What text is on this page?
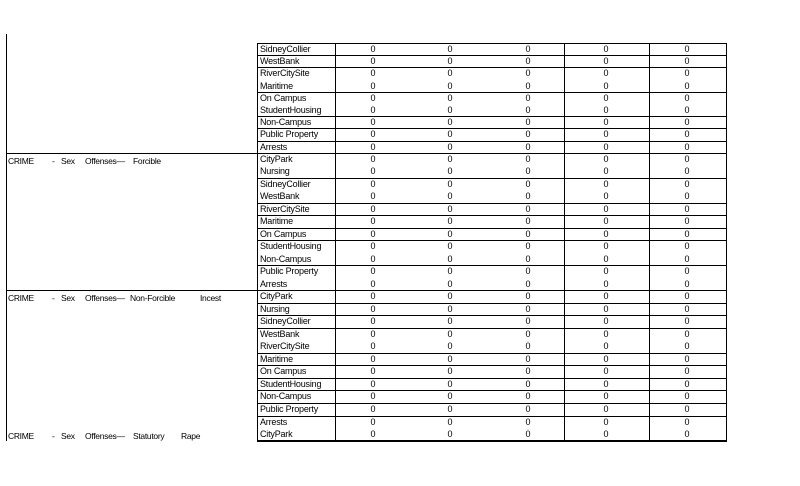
SidneyCollier	0	0	0	0	0
WestBank	0	0	0	0	0
RiverCitySite	0	0	0	0	0
Maritime	0	0	0	0	0
On Campus	0	0	0	0	0
StudentHousing	0	0	0	0	0
Non-Campus	0	0	0	0	0
Public Property	0	0	0	0	0
Arrests	0	0	0	0	0
CRIME - Sex Offenses— Forcible	CityPark	0	0	0	0	0
Nursing	0	0	0	0	0
SidneyCollier	0	0	0	0	0
WestBank	0	0	0	0	0
RiverCitySite	0	0	0	0	0
Maritime	0	0	0	0	0
On Campus	0	0	0	0	0
StudentHousing	0	0	0	0	0
Non-Campus	0	0	0	0	0
Public Property	0	0	0	0	0
Arrests	0	0	0	0	0
CRIME - Sex Offenses— Non-Forcible	Incest	CityPark	0	0	0	0	0
Nursing	0	0	0	0	0
SidneyCollier	0	0	0	0	0
WestBank	0	0	0	0	0
RiverCitySite	0	0	0	0	0
Maritime	0	0	0	0	0
On Campus	0	0	0	0	0
StudentHousing	0	0	0	0	0
Non-Campus	0	0	0	0	0
Public Property	0	0	0	0	0
Arrests	0	0	0	0	0
CRIME - Sex Offenses— Statutory Rape	CityPark	0	0	0	0	0
